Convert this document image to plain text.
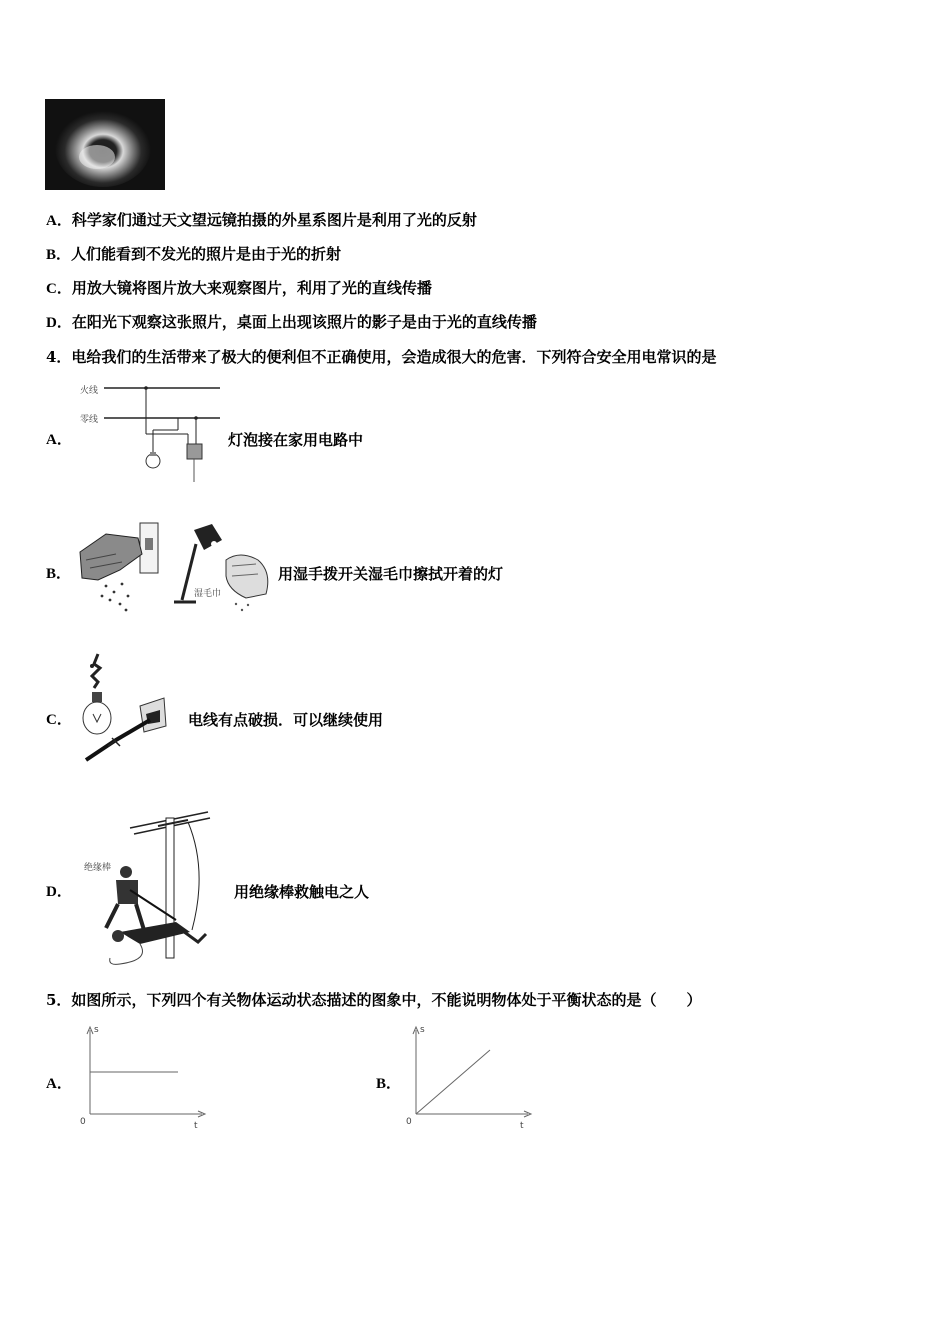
A．科学家们通过天文望远镜拍摄的外星系图片是利用了光的反射
B．人们能看到不发光的照片是由于光的折射
C．用放大镜将图片放大来观察图片，利用了光的直线传播
D．在阳光下观察这张照片，桌面上出现该照片的影子是由于光的直线传播
4．电给我们的生活带来了极大的便利但不正确使用，会造成很大的危害．下列符合安全用电常识的是
A．
火线
零线
灯泡接在家用电路中
B．
湿毛巾
用湿手拨开关湿毛巾擦拭开着的灯
C．	电线有点破损．可以继续使用
D．
绝缘棒
用绝缘棒救触电之人
5．如图所示，下列四个有关物体运动状态描述的图象中，不能说明物体处于平衡状态的是（　　）
A．
s
t
0
B．
s
t
0
